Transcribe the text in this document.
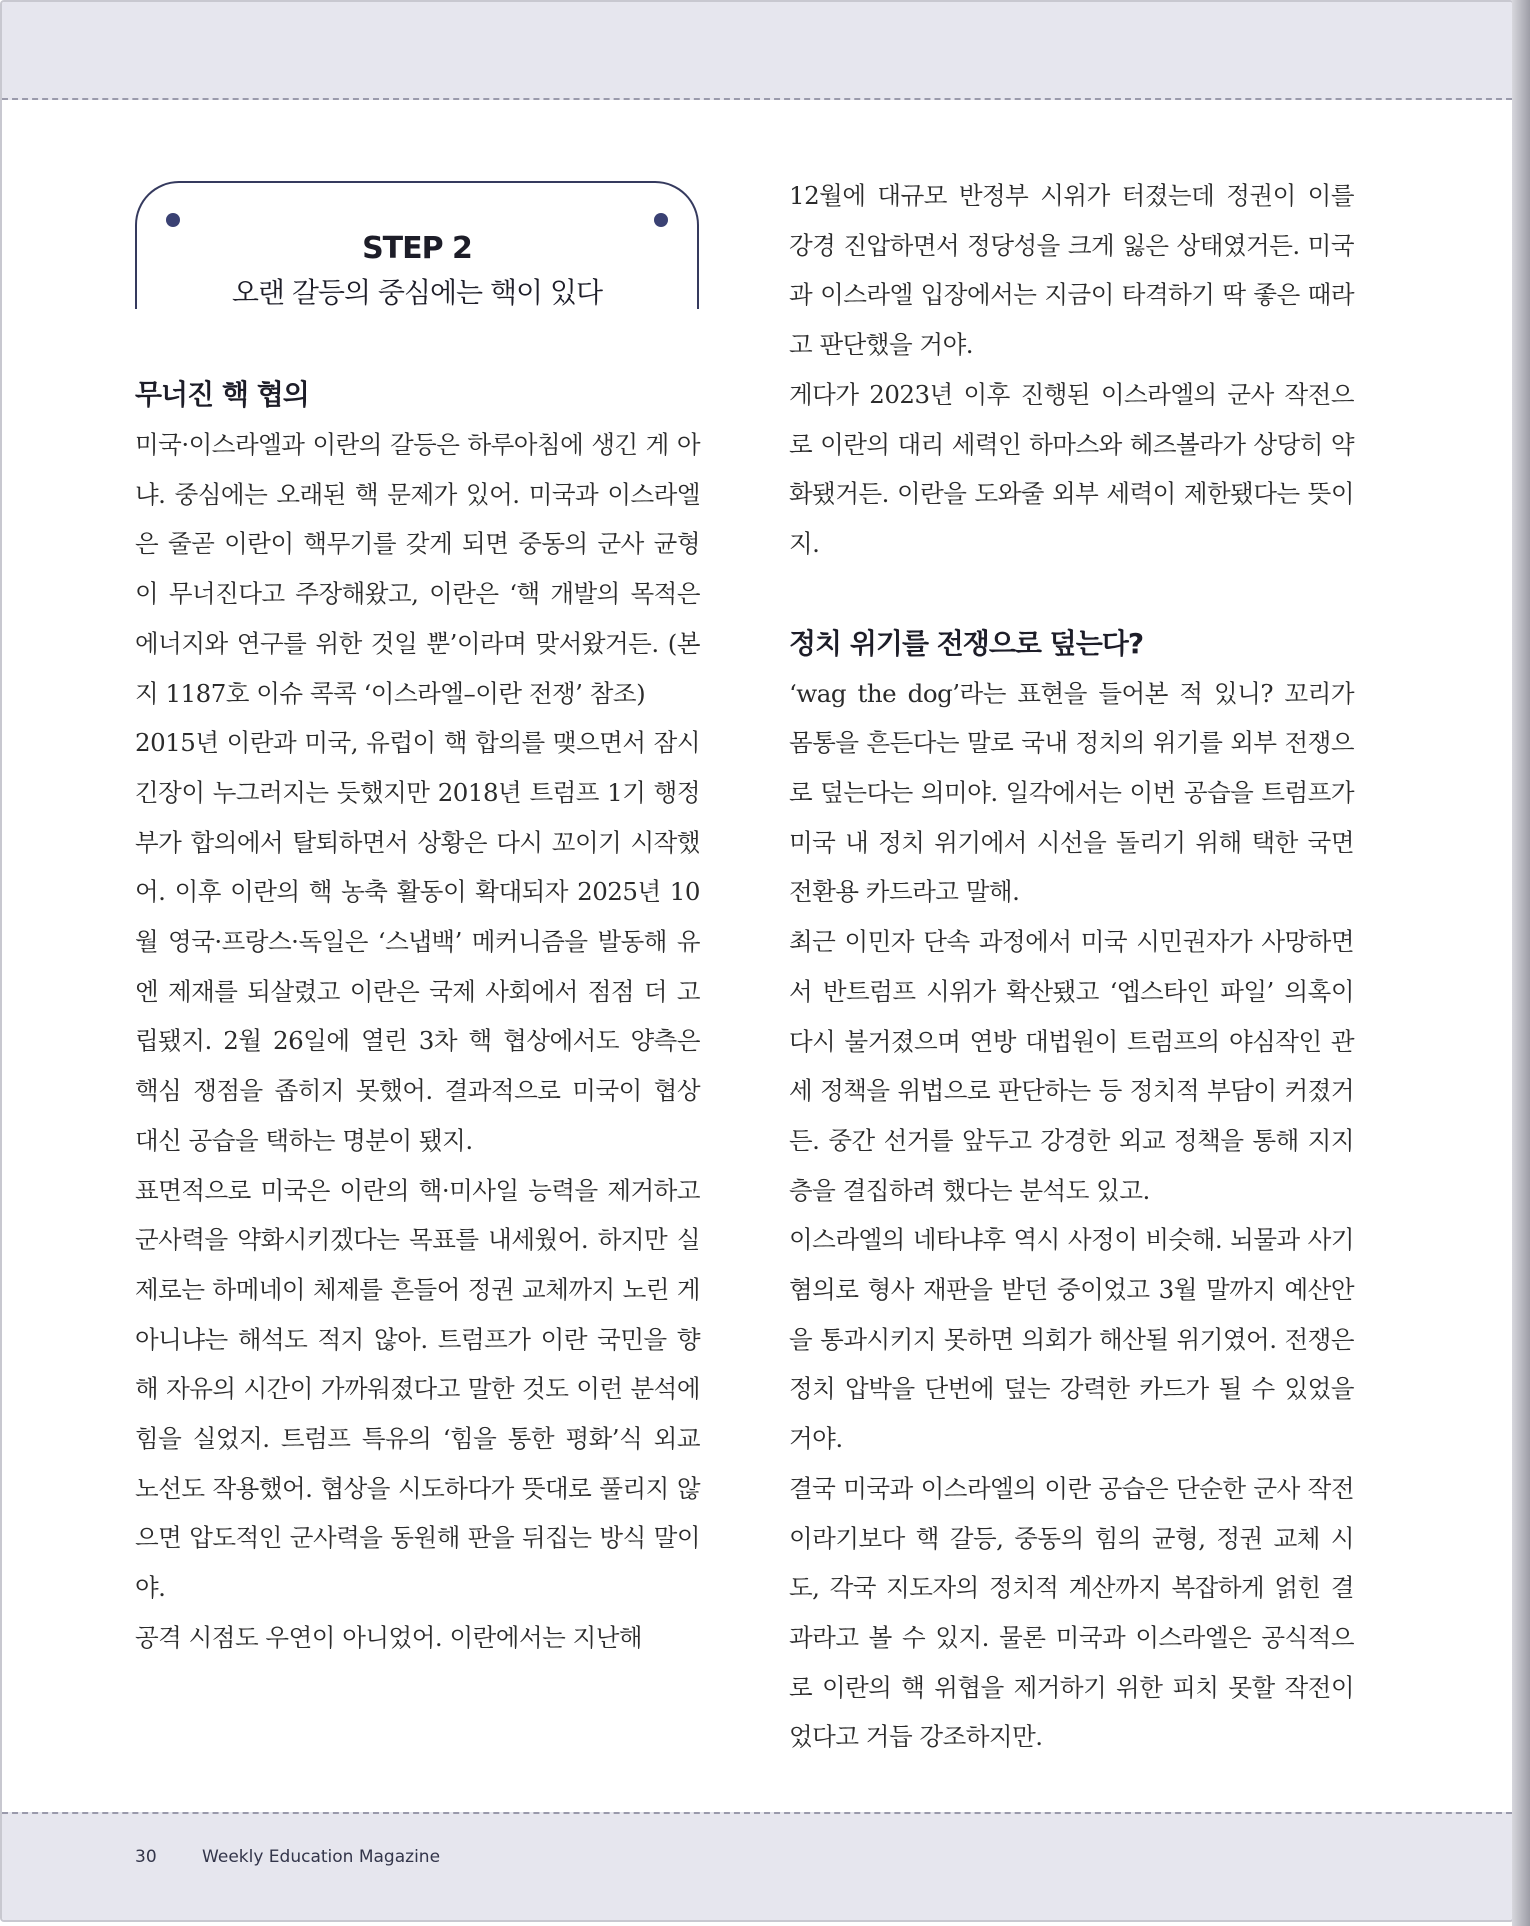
STEP 2
오랜 갈등의 중심에는 핵이 있다
무너진 핵 협의

미국·이스라엘과 이란의 갈등은 하루아침에 생긴 게 아냐. 중심에는 오래된 핵 문제가 있어. 미국과 이스라엘은 줄곧 이란이 핵무기를 갖게 되면 중동의 군사 균형이 무너진다고 주장해왔고, 이란은 ‘핵 개발의 목적은 에너지와 연구를 위한 것일 뿐’이라며 맞서왔거든. (본지 1187호 이슈 콕콕 ‘이스라엘–이란 전쟁’ 참조)

2015년 이란과 미국, 유럽이 핵 합의를 맺으면서 잠시 긴장이 누그러지는 듯했지만 2018년 트럼프 1기 행정부가 합의에서 탈퇴하면서 상황은 다시 꼬이기 시작했어. 이후 이란의 핵 농축 활동이 확대되자 2025년 10월 영국·프랑스·독일은 ‘스냅백’ 메커니즘을 발동해 유엔 제재를 되살렸고 이란은 국제 사회에서 점점 더 고립됐지. 2월 26일에 열린 3차 핵 협상에서도 양측은 핵심 쟁점을 좁히지 못했어. 결과적으로 미국이 협상 대신 공습을 택하는 명분이 됐지.

표면적으로 미국은 이란의 핵·미사일 능력을 제거하고 군사력을 약화시키겠다는 목표를 내세웠어. 하지만 실제로는 하메네이 체제를 흔들어 정권 교체까지 노린 게 아니냐는 해석도 적지 않아. 트럼프가 이란 국민을 향해 자유의 시간이 가까워졌다고 말한 것도 이런 분석에 힘을 실었지. 트럼프 특유의 ‘힘을 통한 평화’식 외교 노선도 작용했어. 협상을 시도하다가 뜻대로 풀리지 않으면 압도적인 군사력을 동원해 판을 뒤집는 방식 말이야.

공격 시점도 우연이 아니었어. 이란에서는 지난해

12월에 대규모 반정부 시위가 터졌는데 정권이 이를 강경 진압하면서 정당성을 크게 잃은 상태였거든. 미국과 이스라엘 입장에서는 지금이 타격하기 딱 좋은 때라고 판단했을 거야.

게다가 2023년 이후 진행된 이스라엘의 군사 작전으로 이란의 대리 세력인 하마스와 헤즈볼라가 상당히 약화됐거든. 이란을 도와줄 외부 세력이 제한됐다는 뜻이지.

정치 위기를 전쟁으로 덮는다?

‘wag the dog’라는 표현을 들어본 적 있니? 꼬리가 몸통을 흔든다는 말로 국내 정치의 위기를 외부 전쟁으로 덮는다는 의미야. 일각에서는 이번 공습을 트럼프가 미국 내 정치 위기에서 시선을 돌리기 위해 택한 국면 전환용 카드라고 말해.

최근 이민자 단속 과정에서 미국 시민권자가 사망하면서 반트럼프 시위가 확산됐고 ‘엡스타인 파일’ 의혹이 다시 불거졌으며 연방 대법원이 트럼프의 야심작인 관세 정책을 위법으로 판단하는 등 정치적 부담이 커졌거든. 중간 선거를 앞두고 강경한 외교 정책을 통해 지지층을 결집하려 했다는 분석도 있고.

이스라엘의 네타냐후 역시 사정이 비슷해. 뇌물과 사기 혐의로 형사 재판을 받던 중이었고 3월 말까지 예산안을 통과시키지 못하면 의회가 해산될 위기였어. 전쟁은 정치 압박을 단번에 덮는 강력한 카드가 될 수 있었을 거야.

결국 미국과 이스라엘의 이란 공습은 단순한 군사 작전이라기보다 핵 갈등, 중동의 힘의 균형, 정권 교체 시도, 각국 지도자의 정치적 계산까지 복잡하게 얽힌 결과라고 볼 수 있지. 물론 미국과 이스라엘은 공식적으로 이란의 핵 위협을 제거하기 위한 피치 못할 작전이었다고 거듭 강조하지만.

30	Weekly Education Magazine
